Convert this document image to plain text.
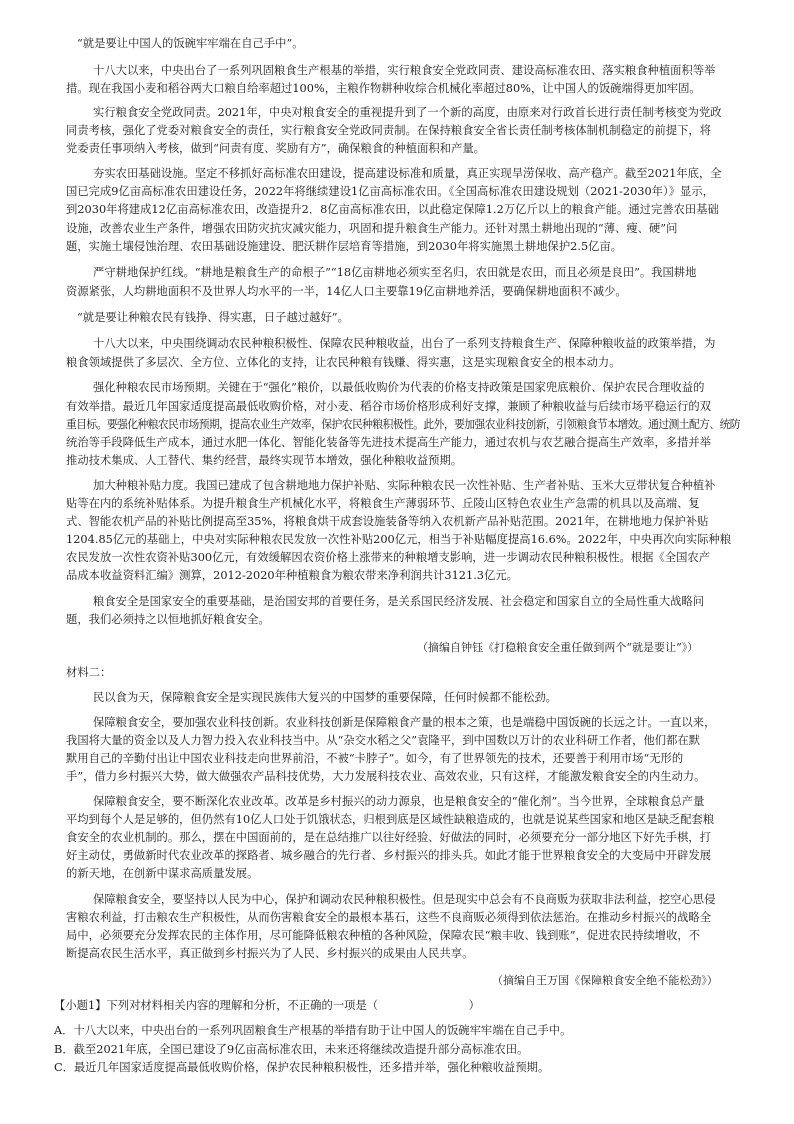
“就是要让中国人的饭碗牢牢端在自己手中”。
十八大以来，中央出台了一系列巩固粮食生产根基的举措，实行粮食安全党政同责、建设高标准农田、落实粮食种植面积等举
措。现在我国小麦和稻谷两大口粮自给率超过100%，主粮作物耕种收综合机械化率超过80%，让中国人的饭碗端得更加牢固。
实行粮食安全党政同责。2021年，中央对粮食安全的重视提升到了一个新的高度，由原来对行政首长进行责任制考核变为党政
同责考核，强化了党委对粮食安全的责任，实行粮食安全党政同责制。在保持粮食安全省长责任制考核体制机制稳定的前提下，将
党委责任事项纳入考核，做到“问责有度、奖励有方”，确保粮食的种植面积和产量。
夯实农田基础设施。坚定不移抓好高标准农田建设，提高建设标准和质量，真正实现旱涝保收、高产稳产。截至2021年底，全
国已完成9亿亩高标准农田建设任务，2022年将继续建设1亿亩高标准农田。《全国高标准农田建设规划（2021-2030年）》显示，
到2030年将建成12亿亩高标准农田，改造提升2．8亿亩高标准农田，以此稳定保障1.2万亿斤以上的粮食产能。通过完善农田基础
设施，改善农业生产条件，增强农田防灾抗灾减灾能力，巩固和提升粮食生产能力。还针对黑土耕地出现的“薄、瘦、硬”问
题，实施土壤侵蚀治理、农田基础设施建设、肥沃耕作层培育等措施，到2030年将实施黑土耕地保护2.5亿亩。
严守耕地保护红线。“耕地是粮食生产的命根子”“18亿亩耕地必须实至名归，农田就是农田，而且必须是良田”。我国耕地
资源紧张，人均耕地面积不及世界人均水平的一半，14亿人口主要靠19亿亩耕地养活，要确保耕地面积不减少。
“就是要让种粮农民有钱挣、得实惠，日子越过越好”。
十八大以来，中央围绕调动农民种粮积极性、保障农民种粮收益，出台了一系列支持粮食生产、保障种粮收益的政策举措，为
粮食领域提供了多层次、全方位、立体化的支持，让农民种粮有钱赚、得实惠，这是实现粮食安全的根本动力。
强化种粮农民市场预期。关键在于“强化”粮价，以最低收购价为代表的价格支持政策是国家兜底粮价、保护农民合理收益的
有效举措。最近几年国家适度提高最低收购价格，对小麦、稻谷市场价格形成利好支撑，兼顾了种粮收益与后续市场平稳运行的双
重目标。要强化种粮农民市场预期，提高农业生产效率，保护农民种粮积极性。此外，要加强农业科技创新，引领粮食节本增效。通过测土配方、统防
统治等手段降低生产成本，通过水肥一体化、智能化装备等先进技术提高生产能力，通过农机与农艺融合提高生产效率，多措并举
推动技术集成、人工替代、集约经营，最终实现节本增效，强化种粮收益预期。
加大种粮补贴力度。我国已建成了包含耕地地力保护补贴、实际种粮农民一次性补贴、生产者补贴、玉米大豆带状复合种植补
贴等在内的系统补贴体系。为提升粮食生产机械化水平，将粮食生产薄弱环节、丘陵山区特色农业生产急需的机具以及高端、复
式、智能农机产品的补贴比例提高至35%，将粮食烘干成套设施装备等纳入农机新产品补贴范围。2021年，在耕地地力保护补贴
1204.85亿元的基础上，中央对实际种粮农民发放一次性补贴200亿元，相当于补贴幅度提高16.6%。2022年，中央再次向实际种粮
农民发放一次性农资补贴300亿元，有效缓解因农资价格上涨带来的种粮增支影响，进一步调动农民种粮积极性。根据《全国农产
品成本收益资料汇编》测算，2012-2020年种植粮食为粮农带来净利润共计3121.3亿元。
粮食安全是国家安全的重要基础，是治国安邦的首要任务，是关系国民经济发展、社会稳定和国家自立的全局性重大战略问
题，我们必须持之以恒地抓好粮食安全。
（摘编自钟钰《打稳粮食安全重任做到两个“就是要让”》）
材料二：
民以食为天，保障粮食安全是实现民族伟大复兴的中国梦的重要保障，任何时候都不能松劲。
保障粮食安全，要加强农业科技创新。农业科技创新是保障粮食产量的根本之策，也是端稳中国饭碗的长远之计。一直以来，
我国将大量的资金以及人力智力投入农业科技当中。从“杂交水稻之父”袁隆平，到中国数以万计的农业科研工作者，他们都在默
默用自己的辛勤付出让中国农业科技走向世界前沿，不被“卡脖子”。如今，有了世界领先的技术，还要善于利用市场“无形的
手”，借力乡村振兴大势，做大做强农产品科技优势，大力发展科技农业、高效农业，只有这样，才能激发粮食安全的内生动力。
保障粮食安全，要不断深化农业改革。改革是乡村振兴的动力源泉，也是粮食安全的“催化剂”。当今世界，全球粮食总产量
平均到每个人是足够的，但仍然有10亿人口处于饥饿状态，归根到底是区域性缺粮造成的，也就是说某些国家和地区是缺乏配套粮
食安全的农业机制的。那么，摆在中国面前的，是在总结推广以往好经验、好做法的同时，必须要充分一部分地区下好先手棋，打
好主动仗，勇做新时代农业改革的探路者、城乡融合的先行者、乡村振兴的排头兵。如此才能于世界粮食安全的大变局中开辟发展
的新天地，在创新中谋求高质量发展。
保障粮食安全，要坚持以人民为中心，保护和调动农民种粮积极性。但是现实中总会有不良商贩为获取非法利益，挖空心思侵
害粮农利益，打击粮农生产积极性，从而伤害粮食安全的最根本基石，这些不良商贩必须得到依法惩治。在推动乡村振兴的战略全
局中，必须要充分发挥农民的主体作用，尽可能降低粮农种植的各种风险，保障农民“粮丰收、钱到账”，促进农民持续增收，不
断提高农民生活水平，真正做到乡村振兴为了人民、乡村振兴的成果由人民共享。
（摘编自王万国《保障粮食安全绝不能松劲》）
【小题1】下列对材料相关内容的理解和分析，不正确的一项是（　　　　　　　　）
A．十八大以来，中央出台的一系列巩固粮食生产根基的举措有助于让中国人的饭碗牢牢端在自己手中。
B．截至2021年底，全国已建设了9亿亩高标准农田，未来还将继续改造提升部分高标准农田。
C．最近几年国家适度提高最低收购价格，保护农民种粮积极性，还多措并举，强化种粮收益预期。
